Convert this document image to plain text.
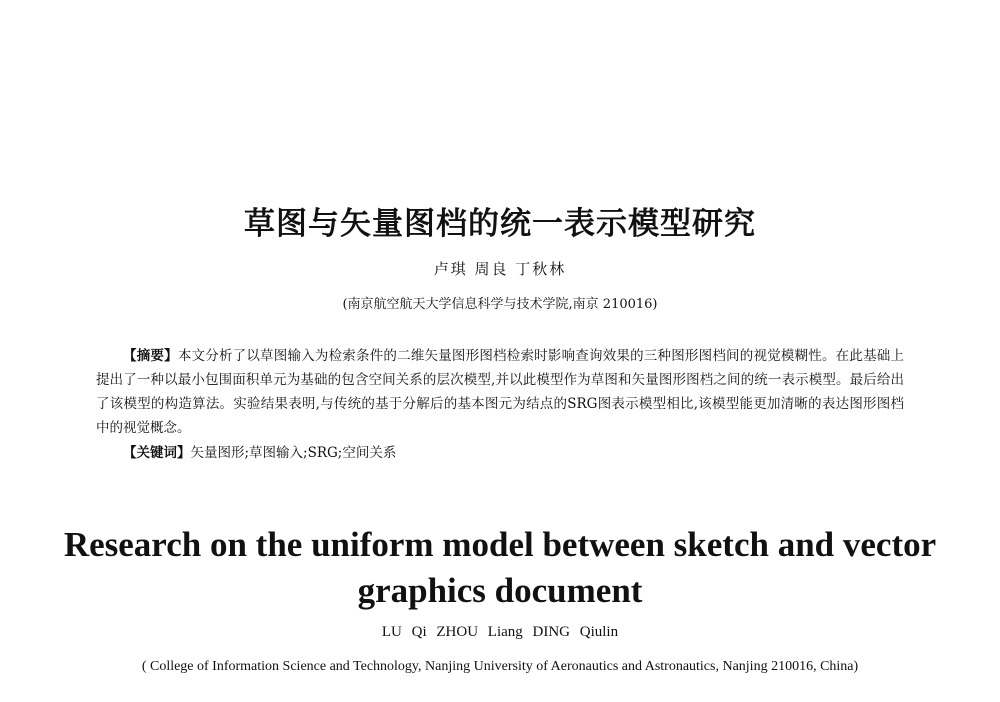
草图与矢量图档的统一表示模型研究
卢琪 周良 丁秋林
(南京航空航天大学信息科学与技术学院,南京 210016)
【摘要】本文分析了以草图输入为检索条件的二维矢量图形图档检索时影响查询效果的三种图形图档间的视觉模糊性。在此基础上提出了一种以最小包围面积单元为基础的包含空间关系的层次模型,并以此模型作为草图和矢量图形图档之间的统一表示模型。最后给出了该模型的构造算法。实验结果表明,与传统的基于分解后的基本图元为结点的SRG图表示模型相比,该模型能更加清晰的表达图形图档中的视觉概念。
【关键词】矢量图形;草图输入;SRG;空间关系
Research on the uniform model between sketch and vector graphics document
LU Qi ZHOU Liang DING Qiulin
( College of Information Science and Technology, Nanjing University of Aeronautics and Astronautics, Nanjing 210016, China)
